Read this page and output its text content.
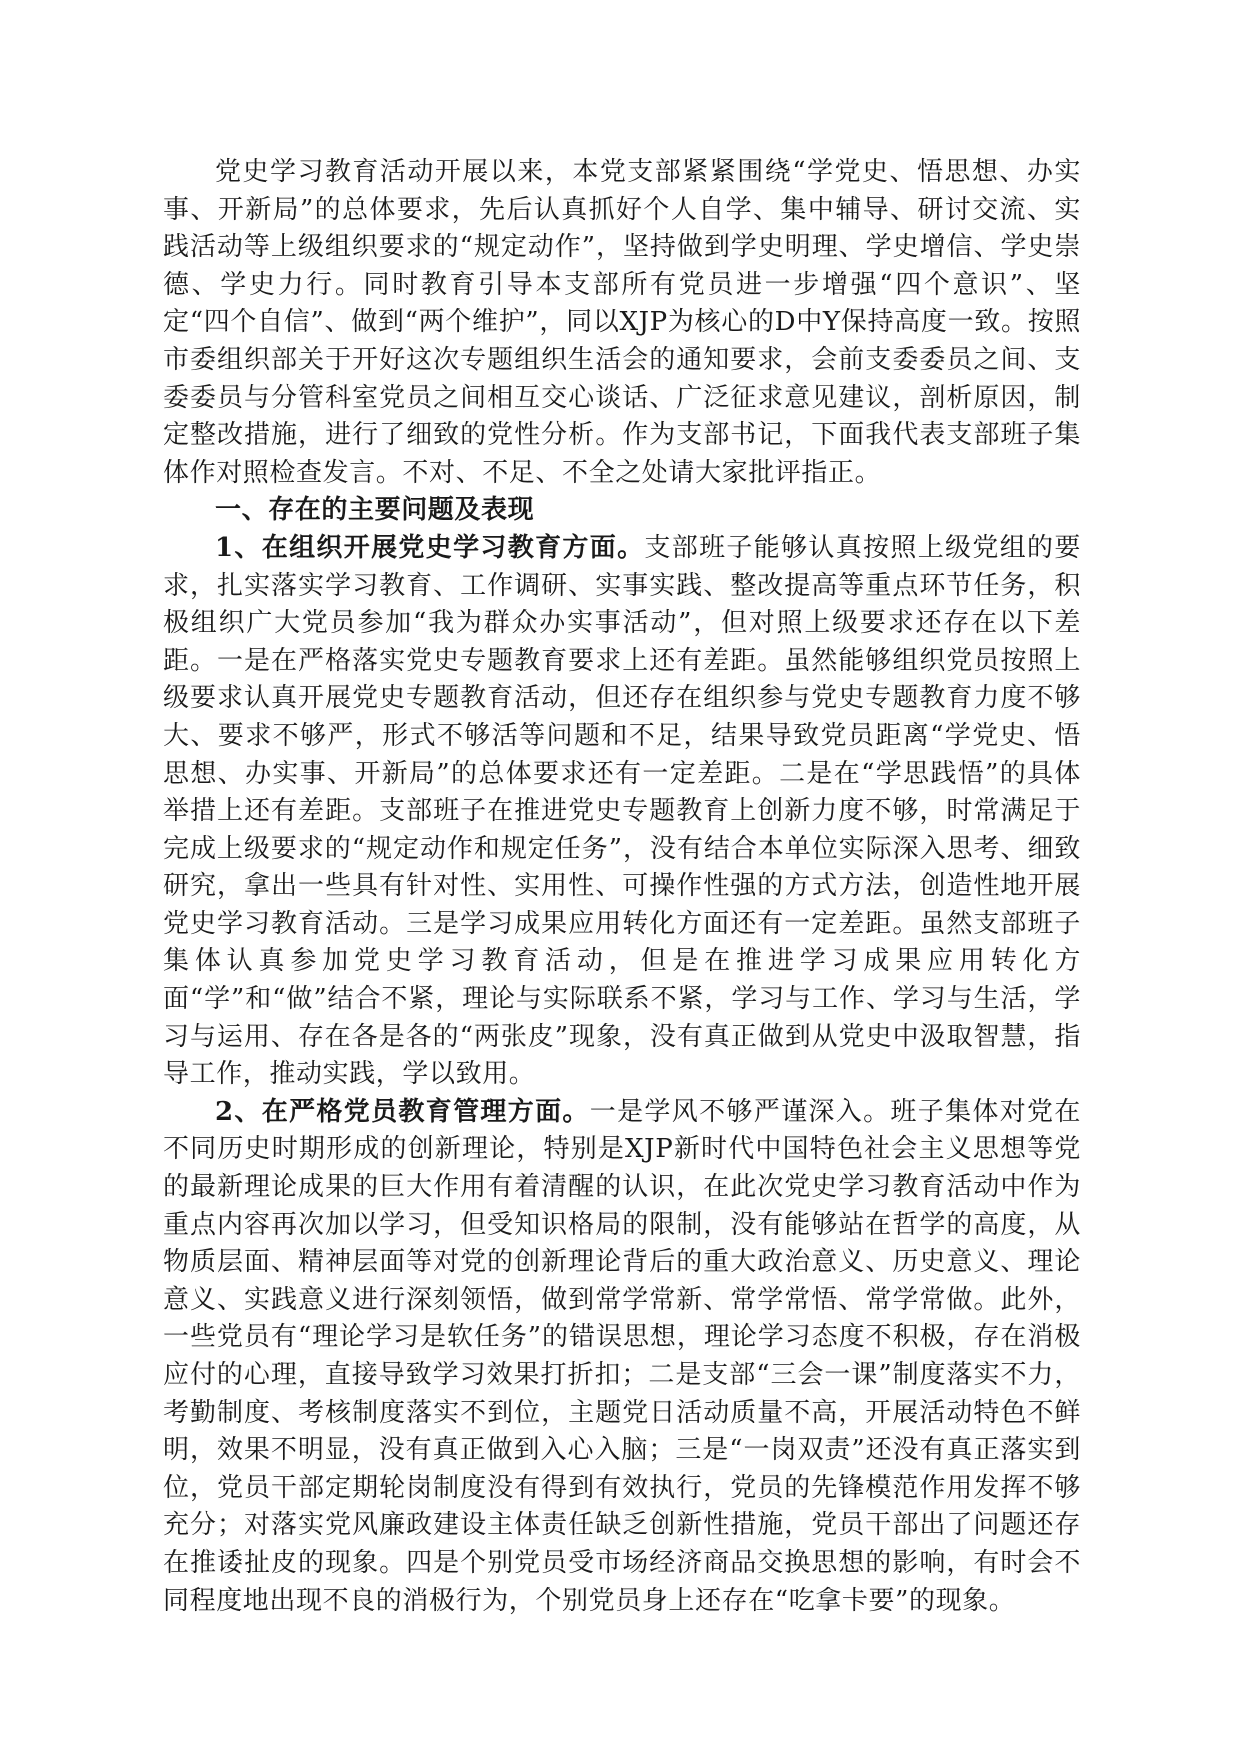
党史学习教育活动开展以来，本党支部紧紧围绕“学党史、悟思想、办实事、开新局”的总体要求，先后认真抓好个人自学、集中辅导、研讨交流、实践活动等上级组织要求的“规定动作”，坚持做到学史明理、学史增信、学史崇德、学史力行。同时教育引导本支部所有党员进一步增强“四个意识”、坚定“四个自信”、做到“两个维护”，同以XJP为核心的D中Y保持高度一致。按照市委组织部关于开好这次专题组织生活会的通知要求，会前支委委员之间、支委委员与分管科室党员之间相互交心谈话、广泛征求意见建议，剖析原因，制定整改措施，进行了细致的党性分析。作为支部书记，下面我代表支部班子集体作对照检查发言。不对、不足、不全之处请大家批评指正。

一、存在的主要问题及表现

1、在组织开展党史学习教育方面。支部班子能够认真按照上级党组的要求，扎实落实学习教育、工作调研、实事实践、整改提高等重点环节任务，积极组织广大党员参加“我为群众办实事活动”，但对照上级要求还存在以下差距。一是在严格落实党史专题教育要求上还有差距。虽然能够组织党员按照上级要求认真开展党史专题教育活动，但还存在组织参与党史专题教育力度不够大、要求不够严，形式不够活等问题和不足，结果导致党员距离“学党史、悟思想、办实事、开新局”的总体要求还有一定差距。二是在“学思践悟”的具体举措上还有差距。支部班子在推进党史专题教育上创新力度不够，时常满足于完成上级要求的“规定动作和规定任务”，没有结合本单位实际深入思考、细致研究，拿出一些具有针对性、实用性、可操作性强的方式方法，创造性地开展党史学习教育活动。三是学习成果应用转化方面还有一定差距。虽然支部班子集体认真参加党史学习教育活动，但是在推进学习成果应用转化方面“学”和“做”结合不紧，理论与实际联系不紧，学习与工作、学习与生活，学习与运用、存在各是各的“两张皮”现象，没有真正做到从党史中汲取智慧，指导工作，推动实践，学以致用。

2、在严格党员教育管理方面。一是学风不够严谨深入。班子集体对党在不同历史时期形成的创新理论，特别是XJP新时代中国特色社会主义思想等党的最新理论成果的巨大作用有着清醒的认识，在此次党史学习教育活动中作为重点内容再次加以学习，但受知识格局的限制，没有能够站在哲学的高度，从物质层面、精神层面等对党的创新理论背后的重大政治意义、历史意义、理论意义、实践意义进行深刻领悟，做到常学常新、常学常悟、常学常做。此外，一些党员有“理论学习是软任务”的错误思想，理论学习态度不积极，存在消极应付的心理，直接导致学习效果打折扣；二是支部“三会一课”制度落实不力，考勤制度、考核制度落实不到位，主题党日活动质量不高，开展活动特色不鲜明，效果不明显，没有真正做到入心入脑；三是“一岗双责”还没有真正落实到位，党员干部定期轮岗制度没有得到有效执行，党员的先锋模范作用发挥不够充分；对落实党风廉政建设主体责任缺乏创新性措施，党员干部出了问题还存在推诿扯皮的现象。四是个别党员受市场经济商品交换思想的影响，有时会不同程度地出现不良的消极行为，个别党员身上还存在“吃拿卡要”的现象。
